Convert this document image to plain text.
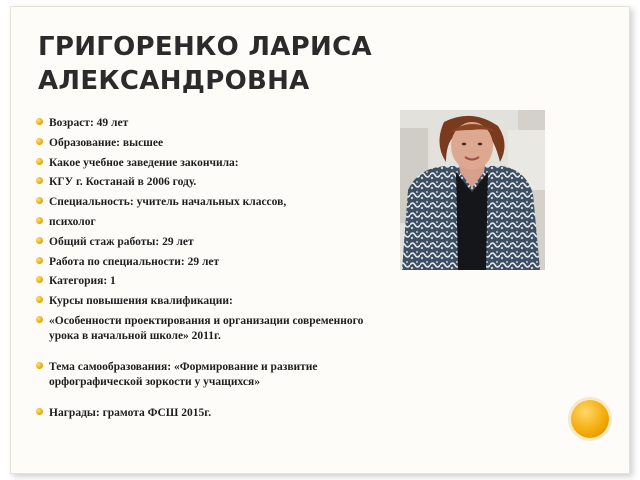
ГРИГОРЕНКО ЛАРИСА
АЛЕКСАНДРОВНА
Возраст: 49 лет
Образование: высшее
Какое учебное заведение закончила:
КГУ г. Костанай в 2006 году.
Специальность: учитель начальных классов,
психолог
Общий стаж работы: 29 лет
Работа по специальности: 29 лет
Категория: 1
Курсы повышения квалификации:
«Особенности проектирования и организации современного урока в начальной школе» 2011г.
Тема самообразования: «Формирование и развитие орфографической зоркости у учащихся»
Награды: грамота ФСШ 2015г.
